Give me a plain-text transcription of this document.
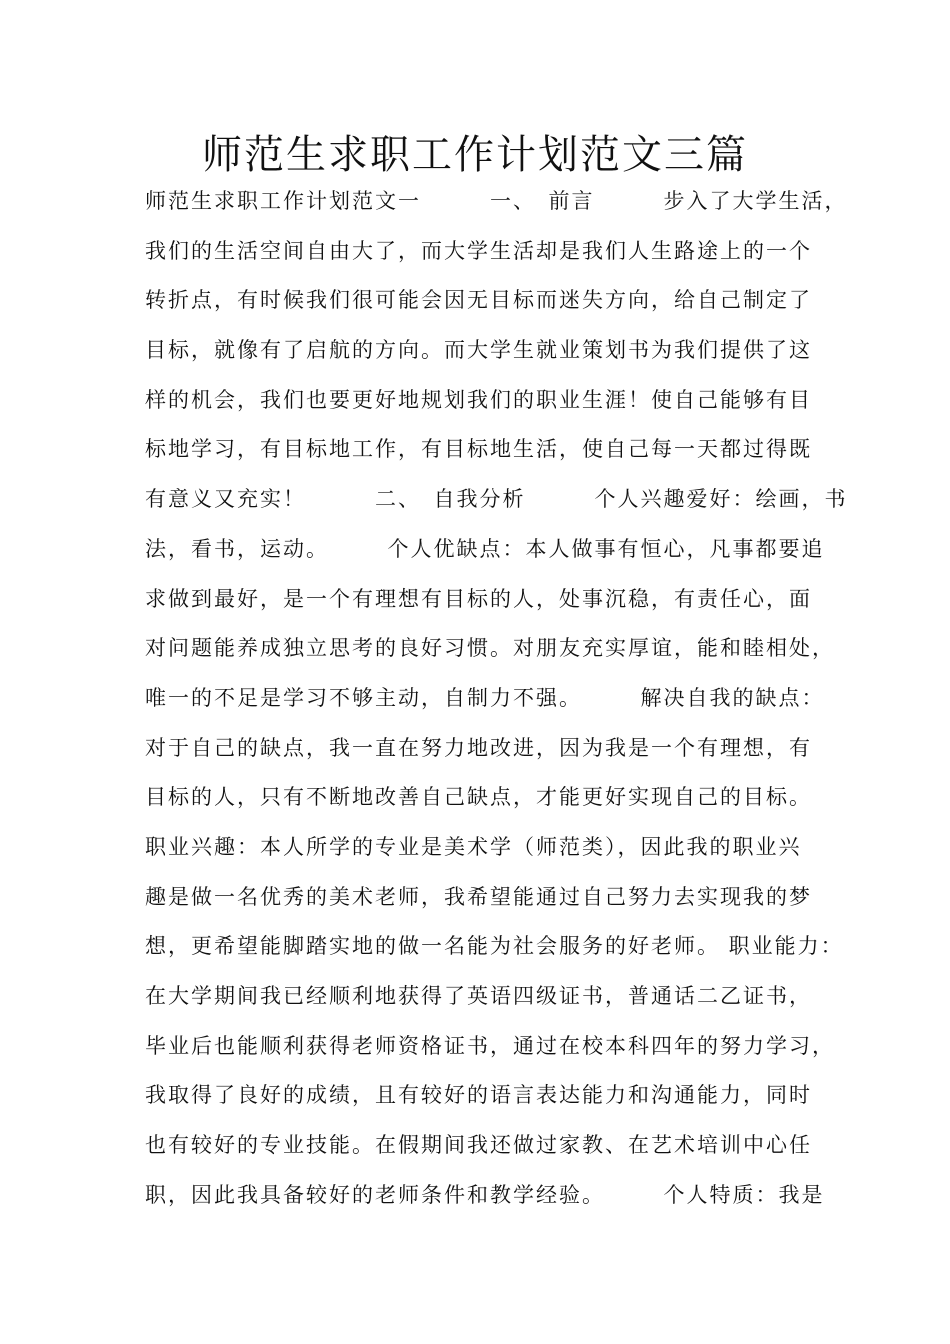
师范生求职工作计划范文三篇
师范生求职工作计划范文一　　　一、　前言　　　步入了大学生活，
我们的生活空间自由大了，而大学生活却是我们人生路途上的一个
转折点，有时候我们很可能会因无目标而迷失方向，给自己制定了
目标，就像有了启航的方向。而大学生就业策划书为我们提供了这
样的机会，我们也要更好地规划我们的职业生涯！使自己能够有目
标地学习，有目标地工作，有目标地生活，使自己每一天都过得既
有意义又充实！　　　二、　自我分析　　　个人兴趣爱好：绘画，书
法，看书，运动。　　　个人优缺点：本人做事有恒心，凡事都要追
求做到最好，是一个有理想有目标的人，处事沉稳，有责任心，面
对问题能养成独立思考的良好习惯。对朋友充实厚谊，能和睦相处，
唯一的不足是学习不够主动，自制力不强。　　　解决自我的缺点：
对于自己的缺点，我一直在努力地改进，因为我是一个有理想，有
目标的人，只有不断地改善自己缺点，才能更好实现自己的目标。
职业兴趣：本人所学的专业是美术学（师范类），因此我的职业兴
趣是做一名优秀的美术老师，我希望能通过自己努力去实现我的梦
想，更希望能脚踏实地的做一名能为社会服务的好老师。 职业能力：
在大学期间我已经顺利地获得了英语四级证书，普通话二乙证书，
毕业后也能顺利获得老师资格证书，通过在校本科四年的努力学习，
我取得了良好的成绩，且有较好的语言表达能力和沟通能力，同时
也有较好的专业技能。在假期间我还做过家教、在艺术培训中心任
职，因此我具备较好的老师条件和教学经验。　　　个人特质：我是
